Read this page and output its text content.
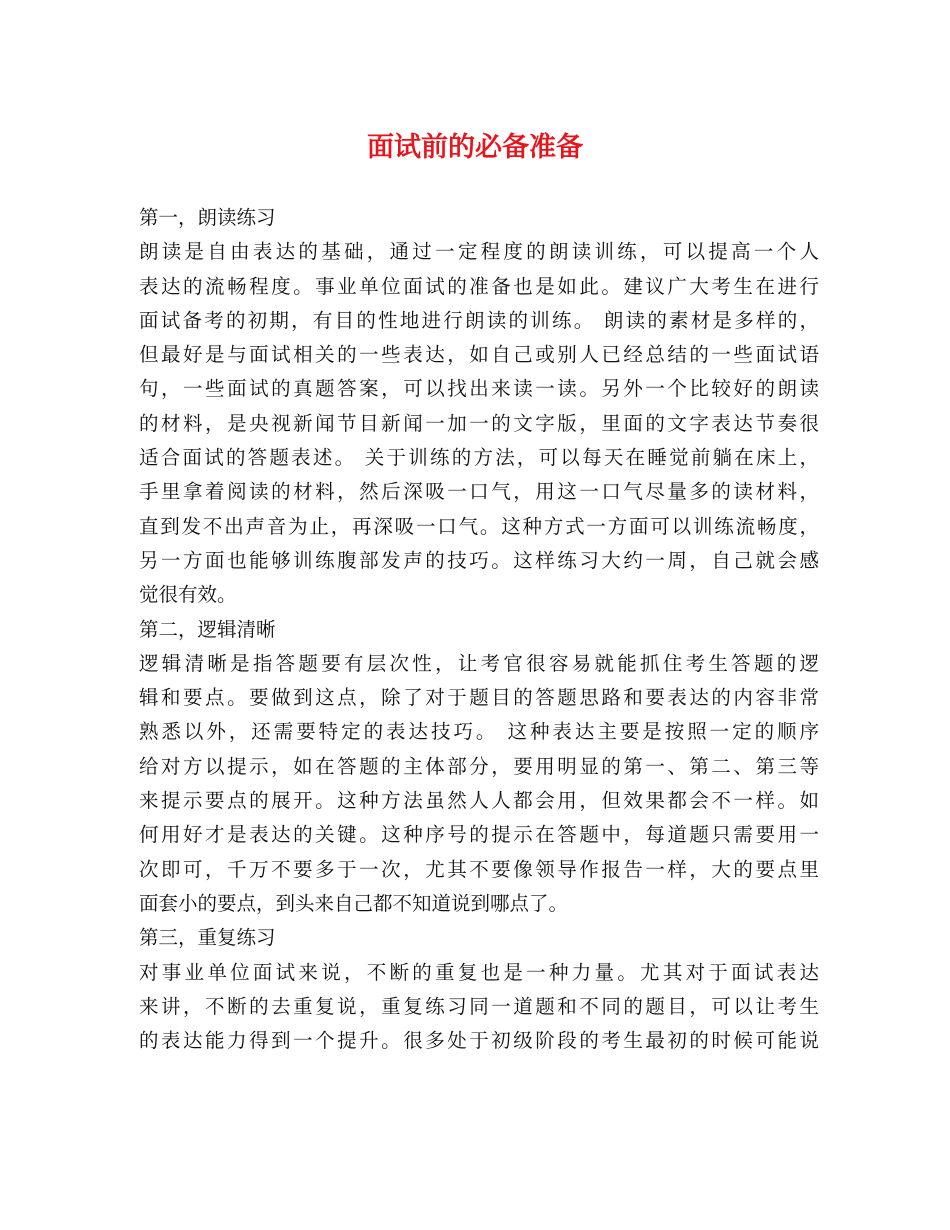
面试前的必备准备
第一，朗读练习
朗读是自由表达的基础，通过一定程度的朗读训练，可以提高一个人
表达的流畅程度。事业单位面试的准备也是如此。建议广大考生在进行
面试备考的初期，有目的性地进行朗读的训练。 朗读的素材是多样的，
但最好是与面试相关的一些表达，如自己或别人已经总结的一些面试语
句，一些面试的真题答案，可以找出来读一读。另外一个比较好的朗读
的材料，是央视新闻节目新闻一加一的文字版，里面的文字表达节奏很
适合面试的答题表述。 关于训练的方法，可以每天在睡觉前躺在床上，
手里拿着阅读的材料，然后深吸一口气，用这一口气尽量多的读材料，
直到发不出声音为止，再深吸一口气。这种方式一方面可以训练流畅度，
另一方面也能够训练腹部发声的技巧。这样练习大约一周，自己就会感
觉很有效。
第二，逻辑清晰
逻辑清晰是指答题要有层次性，让考官很容易就能抓住考生答题的逻
辑和要点。要做到这点，除了对于题目的答题思路和要表达的内容非常
熟悉以外，还需要特定的表达技巧。 这种表达主要是按照一定的顺序
给对方以提示，如在答题的主体部分，要用明显的第一、第二、第三等
来提示要点的展开。这种方法虽然人人都会用，但效果都会不一样。如
何用好才是表达的关键。这种序号的提示在答题中，每道题只需要用一
次即可，千万不要多于一次，尤其不要像领导作报告一样，大的要点里
面套小的要点，到头来自己都不知道说到哪点了。
第三，重复练习
对事业单位面试来说，不断的重复也是一种力量。尤其对于面试表达
来讲，不断的去重复说，重复练习同一道题和不同的题目，可以让考生
的表达能力得到一个提升。很多处于初级阶段的考生最初的时候可能说
